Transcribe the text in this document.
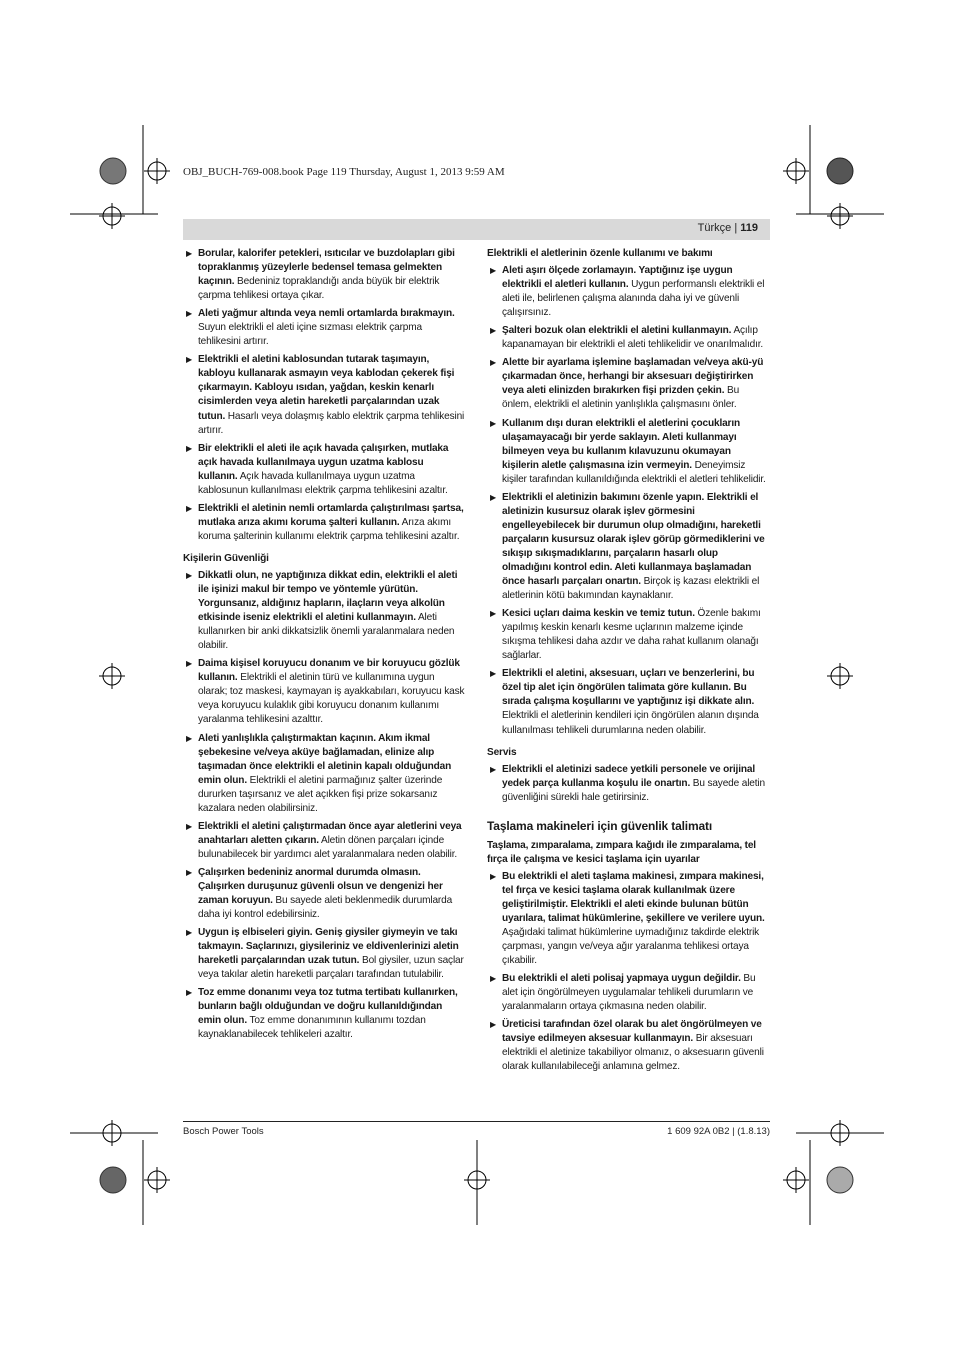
OBJ_BUCH-769-008.book Page 119 Thursday, August 1, 2013 9:59 AM
Türkçe | 119
▶ Borular, kalorifer petekleri, ısıtıcılar ve buzdolapları gibi topraklanmış yüzeylerle bedensel temasa gelmekten kaçının. Bedeniniz topraklandığı anda büyük bir elektrik çarpma tehlikesi ortaya çıkar.
▶ Aleti yağmur altında veya nemli ortamlarda bırakmayın. Suyun elektrikli el aleti içine sızması elektrik çarpma tehlikesini artırır.
▶ Elektrikli el aletini kablosundan tutarak taşımayın, kabloyu kullanarak asmayın veya kablodan çekerek fişi çıkarmayın. Kabloyu ısıdan, yağdan, keskin kenarlı cisimlerden veya aletin hareketli parçalarından uzak tutun. Hasarlı veya dolaşmış kablo elektrik çarpma tehlikesini artırır.
▶ Bir elektrikli el aleti ile açık havada çalışırken, mutlaka açık havada kullanılmaya uygun uzatma kablosu kullanın. Açık havada kullanılmaya uygun uzatma kablosunun kullanılması elektrik çarpma tehlikesini azaltır.
▶ Elektrikli el aletinin nemli ortamlarda çalıştırılması şartsa, mutlaka arıza akımı koruma şalteri kullanın. Arıza akımı koruma şalterinin kullanımı elektrik çarpma tehlikesini azaltır.
Kişilerin Güvenliği
▶ Dikkatli olun, ne yaptığınıza dikkat edin, elektrikli el aleti ile işinizi makul bir tempo ve yöntemle yürütün. Yorgunsanız, aldığınız hapların, ilaçların veya alkolün etkisinde iseniz elektrikli el aletini kullanmayın. Aleti kullanırken bir anki dikkatsizlik önemli yaralanmalara neden olabilir.
▶ Daima kişisel koruyucu donanım ve bir koruyucu gözlük kullanın. Elektrikli el aletinin türü ve kullanımına uygun olarak; toz maskesi, kaymayan iş ayakkabıları, koruyucu kask veya koruyucu kulaklık gibi koruyucu donanım kullanımı yaralanma tehlikesini azalttır.
▶ Aleti yanlışlıkla çalıştırmaktan kaçının. Akım ikmal şebekesine ve/veya aküye bağlamadan, elinize alıp taşımadan önce elektrikli el aletinin kapalı olduğundan emin olun. Elektrikli el aletini parmağınız şalter üzerinde dururken taşırsanız ve alet açıkken fişi prize sokarsanız kazalara neden olabilirsiniz.
▶ Elektrikli el aletini çalıştırmadan önce ayar aletlerini veya anahtarları aletten çıkarın. Aletin dönen parçaları içinde bulunabilecek bir yardımcı alet yaralanmalara neden olabilir.
▶ Çalışırken bedeniniz anormal durumda olmasın. Çalışırken duruşunuz güvenli olsun ve dengenizi her zaman koruyun. Bu sayede aleti beklenmedik durumlarda daha iyi kontrol edebilirsiniz.
▶ Uygun iş elbiseleri giyin. Geniş giysiler giymeyin ve takı takmayın. Saçlarınızı, giysileriniz ve eldivenlerinizi aletin hareketli parçalarından uzak tutun. Bol giysiler, uzun saçlar veya takılar aletin hareketli parçaları tarafından tutulabilir.
▶ Toz emme donanımı veya toz tutma tertibatı kullanırken, bunların bağlı olduğundan ve doğru kullanıldığından emin olun. Toz emme donanımının kullanımı tozdan kaynaklanabilecek tehlikeleri azaltır.
Elektrikli el aletlerinin özenle kullanımı ve bakımı
▶ Aleti aşırı ölçede zorlamayın. Yaptığınız işe uygun elektrikli el aletleri kullanın. Uygun performanslı elektrikli el aleti ile, belirlenen çalışma alanında daha iyi ve güvenli çalışırsınız.
▶ Şalteri bozuk olan elektrikli el aletini kullanmayın. Açılıp kapanamayan bir elektrikli el aleti tehlikelidir ve onarılmalıdır.
▶ Alette bir ayarlama işlemine başlamadan ve/veya akü-yü çıkarmadan önce, herhangi bir aksesuarı değiştirirken veya aleti elinizden bırakırken fişi prizden çekin. Bu önlem, elektrikli el aletinin yanlışlıkla çalışmasını önler.
▶ Kullanım dışı duran elektrikli el aletlerini çocukların ulaşamayacağı bir yerde saklayın. Aleti kullanmayı bilmeyen veya bu kullanım kılavuzunu okumayan kişilerin aletle çalışmasına izin vermeyin. Deneyimsiz kişiler tarafından kullanıldığında elektrikli el aletleri tehlikelidir.
▶ Elektrikli el aletinizin bakımını özenle yapın. Elektrikli el aletinizin kusursuz olarak işlev görmesini engelleyebilecek bir durumun olup olmadığını, hareketli parçaların kusursuz olarak işlev görüp görmediklerini ve sıkışıp sıkışmadıklarını, parçaların hasarlı olup olmadığını kontrol edin. Aleti kullanmaya başlamadan önce hasarlı parçaları onartın. Birçok iş kazası elektrikli el aletlerinin kötü bakımından kaynaklanır.
▶ Kesici uçları daima keskin ve temiz tutun. Özenle bakımı yapılmış keskin kenarlı kesme uçlarının malzeme içinde sıkışma tehlikesi daha azdır ve daha rahat kullanım olanağı sağlarlar.
▶ Elektrikli el aletini, aksesuarı, uçları ve benzerlerini, bu özel tip alet için öngörülen talimata göre kullanın. Bu sırada çalışma koşullarını ve yaptığınız işi dikkate alın. Elektrikli el aletlerinin kendileri için öngörülen alanın dışında kullanılması tehlikeli durumlarına neden olabilir.
Servis
▶ Elektrikli el aletinizi sadece yetkili personele ve orijinal yedek parça kullanma koşulu ile onartın. Bu sayede aletin güvenliğini sürekli hale getirirsiniz.
Taşlama makineleri için güvenlik talimatı
Taşlama, zımparalama, zımpara kağıdı ile zımparalama, tel fırça ile çalışma ve kesici taşlama için uyarılar
▶ Bu elektrikli el aleti taşlama makinesi, zımpara makinesi, tel fırça ve kesici taşlama olarak kullanılmak üzere geliştirilmiştir. Elektrikli el aleti ekinde bulunan bütün uyarılara, talimat hükümlerine, şekillere ve verilere uyun. Aşağıdaki talimat hükümlerine uymadığınız takdirde elektrik çarpması, yangın ve/veya ağır yaralanma tehlikesi ortaya çıkabilir.
▶ Bu elektrikli el aleti polisaj yapmaya uygun değildir. Bu alet için öngörülmeyen uygulamalar tehlikeli durumların ve yaralanmaların ortaya çıkmasına neden olabilir.
▶ Üreticisi tarafından özel olarak bu alet öngörülmeyen ve tavsiye edilmeyen aksesuar kullanmayın. Bir aksesuarı elektrikli el aletinize takabiliyor olmanız, o aksesuarın güvenli olarak kullanılabileceği anlamına gelmez.
Bosch Power Tools	1 609 92A 0B2 | (1.8.13)
